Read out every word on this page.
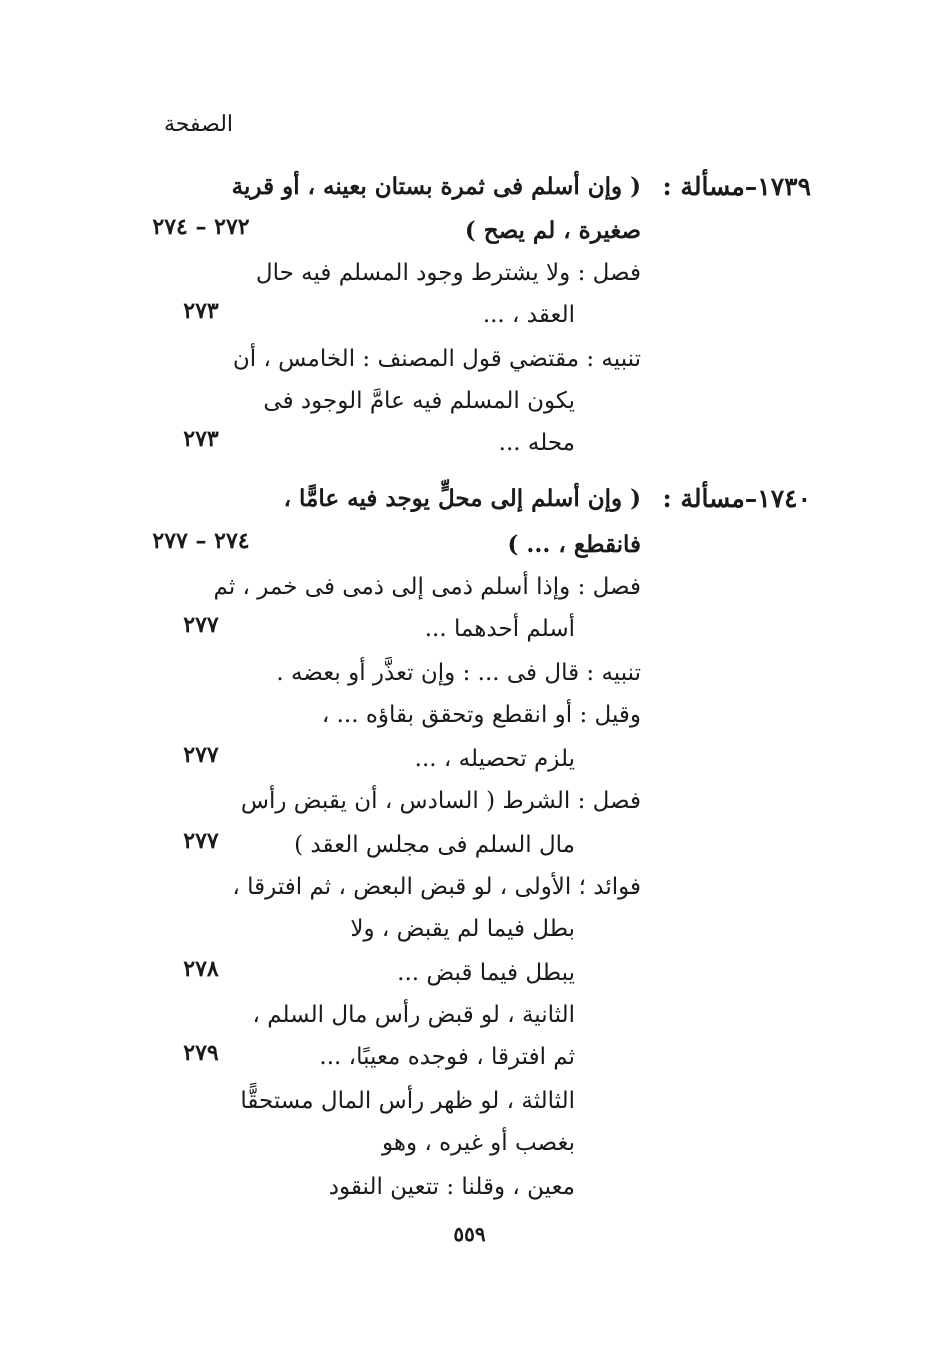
الصفحة
١٧٣٩–مسألة :
( وإن أسلم فى ثمرة بستان بعينه ، أو قرية
صغيرة ، لم يصح )
٢٧٢ – ٢٧٤
فصل : ولا يشترط وجود المسلم فيه حال
العقد ، ...
٢٧٣
تنبيه : مقتضي قول المصنف : الخامس ، أن
يكون المسلم فيه عامَّ الوجود فى
محله ...
٢٧٣
١٧٤٠–مسألة :
( وإن أسلم إلى محلٍّ يوجد فيه عامًّا ،
فانقطع ، ... )
٢٧٤ – ٢٧٧
فصل : وإذا أسلم ذمى إلى ذمى فى خمر ، ثم
أسلم أحدهما ...
٢٧٧
تنبيه : قال فى ... : وإن تعذَّر أو بعضه .
وقيل : أو انقطع وتحقق بقاؤه ... ،
يلزم تحصيله ، ...
٢٧٧
فصل : الشرط ( السادس ، أن يقبض رأس
مال السلم فى مجلس العقد )
٢٧٧
فوائد ؛ الأولى ، لو قبض البعض ، ثم افترقا ،
بطل فيما لم يقبض ، ولا
يبطل فيما قبض ...
٢٧٨
الثانية ، لو قبض رأس مال السلم ،
ثم افترقا ، فوجده معيبًا، ...
٢٧٩
الثالثة ، لو ظهر رأس المال مستحقًّا
بغصب أو غيره ، وهو
معين ، وقلنا : تتعين النقود
٥٥٩
